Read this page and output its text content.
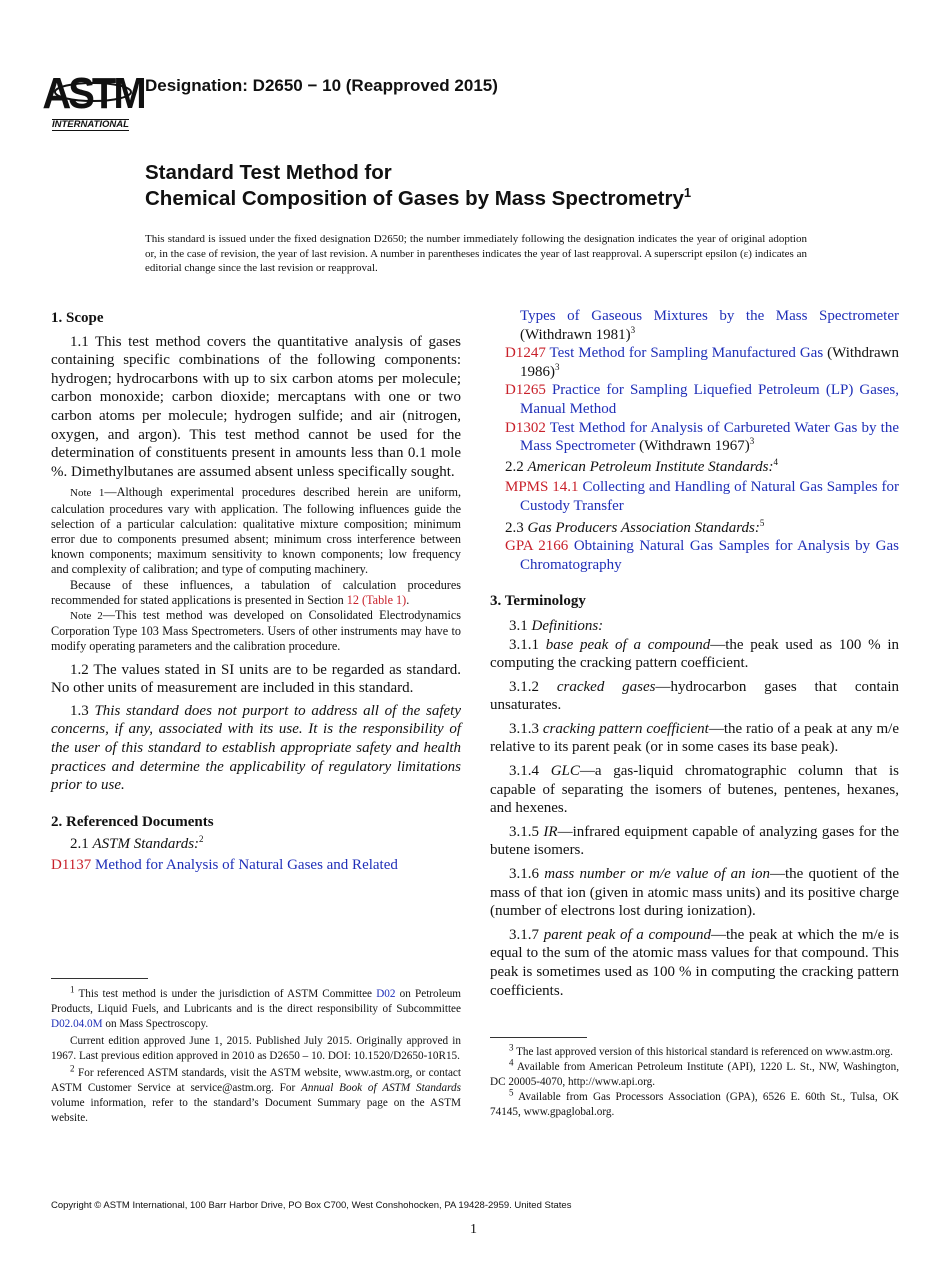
ASTM
INTERNATIONAL
Designation: D2650 − 10 (Reapproved 2015)
Standard Test Method for
Chemical Composition of Gases by Mass Spectrometry$^1$
This standard is issued under the fixed designation D2650; the number immediately following the designation indicates the year of original adoption or, in the case of revision, the year of last revision. A number in parentheses indicates the year of last reapproval. A superscript epsilon (ε) indicates an editorial change since the last revision or reapproval.

1. Scope

1.1 This test method covers the quantitative analysis of gases containing specific combinations of the following components: hydrogen; hydrocarbons with up to six carbon atoms per molecule; carbon monoxide; carbon dioxide; mercaptans with one or two carbon atoms per molecule; hydrogen sulfide; and air (nitrogen, oxygen, and argon). This test method cannot be used for the determination of constituents present in amounts less than 0.1 mole %. Dimethylbutanes are assumed absent unless specifically sought.

Note 1—Although experimental procedures described herein are uniform, calculation procedures vary with application. The following influences guide the selection of a particular calculation: qualitative mixture composition; minimum error due to components presumed absent; minimum cross interference between known components; maximum sensitivity to known components; low frequency and complexity of calibration; and type of computing machinery.

Because of these influences, a tabulation of calculation procedures recommended for stated applications is presented in Section 12 (Table 1).

Note 2—This test method was developed on Consolidated Electrodynamics Corporation Type 103 Mass Spectrometers. Users of other instruments may have to modify operating parameters and the calibration procedure.

1.2 The values stated in SI units are to be regarded as standard. No other units of measurement are included in this standard.

1.3 This standard does not purport to address all of the safety concerns, if any, associated with its use. It is the responsibility of the user of this standard to establish appropriate safety and health practices and determine the applicability of regulatory limitations prior to use.

2. Referenced Documents

2.1 ASTM Standards:$^2$

D1137 Method for Analysis of Natural Gases and Related

$^1$ This test method is under the jurisdiction of ASTM Committee D02 on Petroleum Products, Liquid Fuels, and Lubricants and is the direct responsibility of Subcommittee D02.04.0M on Mass Spectroscopy.

Current edition approved June 1, 2015. Published July 2015. Originally approved in 1967. Last previous edition approved in 2010 as D2650 – 10. DOI: 10.1520/D2650-10R15.

$^2$ For referenced ASTM standards, visit the ASTM website, www.astm.org, or contact ASTM Customer Service at service@astm.org. For Annual Book of ASTM Standards volume information, refer to the standard’s Document Summary page on the ASTM website.

Types of Gaseous Mixtures by the Mass Spectrometer (Withdrawn 1981)$^3$

D1247 Test Method for Sampling Manufactured Gas (Withdrawn 1986)$^3$

D1265 Practice for Sampling Liquefied Petroleum (LP) Gases, Manual Method

D1302 Test Method for Analysis of Carbureted Water Gas by the Mass Spectrometer (Withdrawn 1967)$^3$

2.2 American Petroleum Institute Standards:$^4$

MPMS 14.1 Collecting and Handling of Natural Gas Samples for Custody Transfer

2.3 Gas Producers Association Standards:$^5$

GPA 2166 Obtaining Natural Gas Samples for Analysis by Gas Chromatography

3. Terminology

3.1 Definitions:

3.1.1 base peak of a compound—the peak used as 100 % in computing the cracking pattern coefficient.

3.1.2 cracked gases—hydrocarbon gases that contain unsaturates.

3.1.3 cracking pattern coefficient—the ratio of a peak at any m/e relative to its parent peak (or in some cases its base peak).

3.1.4 GLC—a gas-liquid chromatographic column that is capable of separating the isomers of butenes, pentenes, hexanes, and hexenes.

3.1.5 IR—infrared equipment capable of analyzing gases for the butene isomers.

3.1.6 mass number or m/e value of an ion—the quotient of the mass of that ion (given in atomic mass units) and its positive charge (number of electrons lost during ionization).

3.1.7 parent peak of a compound—the peak at which the m/e is equal to the sum of the atomic mass values for that compound. This peak is sometimes used as 100 % in computing the cracking pattern coefficients.

$^3$ The last approved version of this historical standard is referenced on www.astm.org.

$^4$ Available from American Petroleum Institute (API), 1220 L. St., NW, Washington, DC 20005-4070, http://www.api.org.

$^5$ Available from Gas Processors Association (GPA), 6526 E. 60th St., Tulsa, OK 74145, www.gpaglobal.org.

Copyright © ASTM International, 100 Barr Harbor Drive, PO Box C700, West Conshohocken, PA 19428-2959. United States
1
